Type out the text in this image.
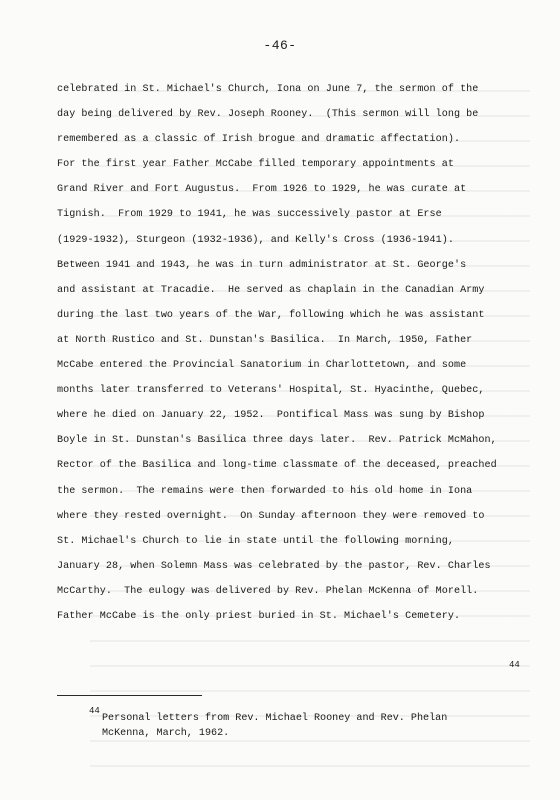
-46-
celebrated in St. Michael's Church, Iona on June 7, the sermon of the
day being delivered by Rev. Joseph Rooney.  (This sermon will long be
remembered as a classic of Irish brogue and dramatic affectation).
For the first year Father McCabe filled temporary appointments at
Grand River and Fort Augustus.  From 1926 to 1929, he was curate at
Tignish.  From 1929 to 1941, he was successively pastor at Erse
(1929-1932), Sturgeon (1932-1936), and Kelly's Cross (1936-1941).
Between 1941 and 1943, he was in turn administrator at St. George's
and assistant at Tracadie.  He served as chaplain in the Canadian Army
during the last two years of the War, following which he was assistant
at North Rustico and St. Dunstan's Basilica.  In March, 1950, Father
McCabe entered the Provincial Sanatorium in Charlottetown, and some
months later transferred to Veterans' Hospital, St. Hyacinthe, Quebec,
where he died on January 22, 1952.  Pontifical Mass was sung by Bishop
Boyle in St. Dunstan's Basilica three days later.  Rev. Patrick McMahon,
Rector of the Basilica and long-time classmate of the deceased, preached
the sermon.  The remains were then forwarded to his old home in Iona
where they rested overnight.  On Sunday afternoon they were removed to
St. Michael's Church to lie in state until the following morning,
January 28, when Solemn Mass was celebrated by the pastor, Rev. Charles
McCarthy.  The eulogy was delivered by Rev. Phelan McKenna of Morell.
Father McCabe is the only priest buried in St. Michael's Cemetery.
44
44
Personal letters from Rev. Michael Rooney and Rev. Phelan
McKenna, March, 1962.
